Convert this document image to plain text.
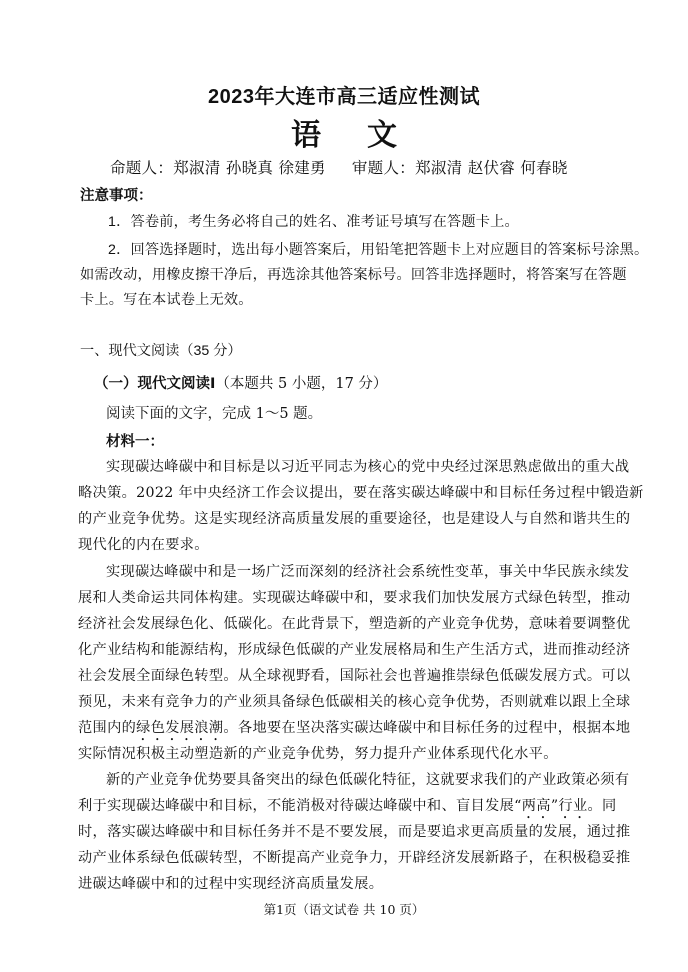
2023年大连市高三适应性测试
语 文
命题人：郑淑清 孙晓真 徐建勇 审题人：郑淑清 赵伏睿 何春晓
注意事项：
1．答卷前，考生务必将自己的姓名、准考证号填写在答题卡上。
2．回答选择题时，选出每小题答案后，用铅笔把答题卡上对应题目的答案标号涂黑。
如需改动，用橡皮擦干净后，再选涂其他答案标号。回答非选择题时，将答案写在答题
卡上。写在本试卷上无效。
一、现代文阅读（35 分）
（一）现代文阅读Ⅰ（本题共 5 小题，17 分）
阅读下面的文字，完成 1～5 题。
材料一：
实现碳达峰碳中和目标是以习近平同志为核心的党中央经过深思熟虑做出的重大战
略决策。2022 年中央经济工作会议提出，要在落实碳达峰碳中和目标任务过程中锻造新
的产业竞争优势。这是实现经济高质量发展的重要途径，也是建设人与自然和谐共生的
现代化的内在要求。
实现碳达峰碳中和是一场广泛而深刻的经济社会系统性变革，事关中华民族永续发
展和人类命运共同体构建。实现碳达峰碳中和，要求我们加快发展方式绿色转型，推动
经济社会发展绿色化、低碳化。在此背景下，塑造新的产业竞争优势，意味着要调整优
化产业结构和能源结构，形成绿色低碳的产业发展格局和生产生活方式，进而推动经济
社会发展全面绿色转型。从全球视野看，国际社会也普遍推崇绿色低碳发展方式。可以
预见，未来有竞争力的产业须具备绿色低碳相关的核心竞争优势，否则就难以跟上全球
范围内的绿色发展浪潮。各地要在坚决落实碳达峰碳中和目标任务的过程中，根据本地
实际情况积极主动塑造新的产业竞争优势，努力提升产业体系现代化水平。
新的产业竞争优势要具备突出的绿色低碳化特征，这就要求我们的产业政策必须有
利于实现碳达峰碳中和目标，不能消极对待碳达峰碳中和、盲目发展“两高”行业。同
时，落实碳达峰碳中和目标任务并不是不要发展，而是要追求更高质量的发展，通过推
动产业体系绿色低碳转型，不断提高产业竞争力，开辟经济发展新路子，在积极稳妥推
进碳达峰碳中和的过程中实现经济高质量发展。
第1页（语文试卷 共 10 页）
